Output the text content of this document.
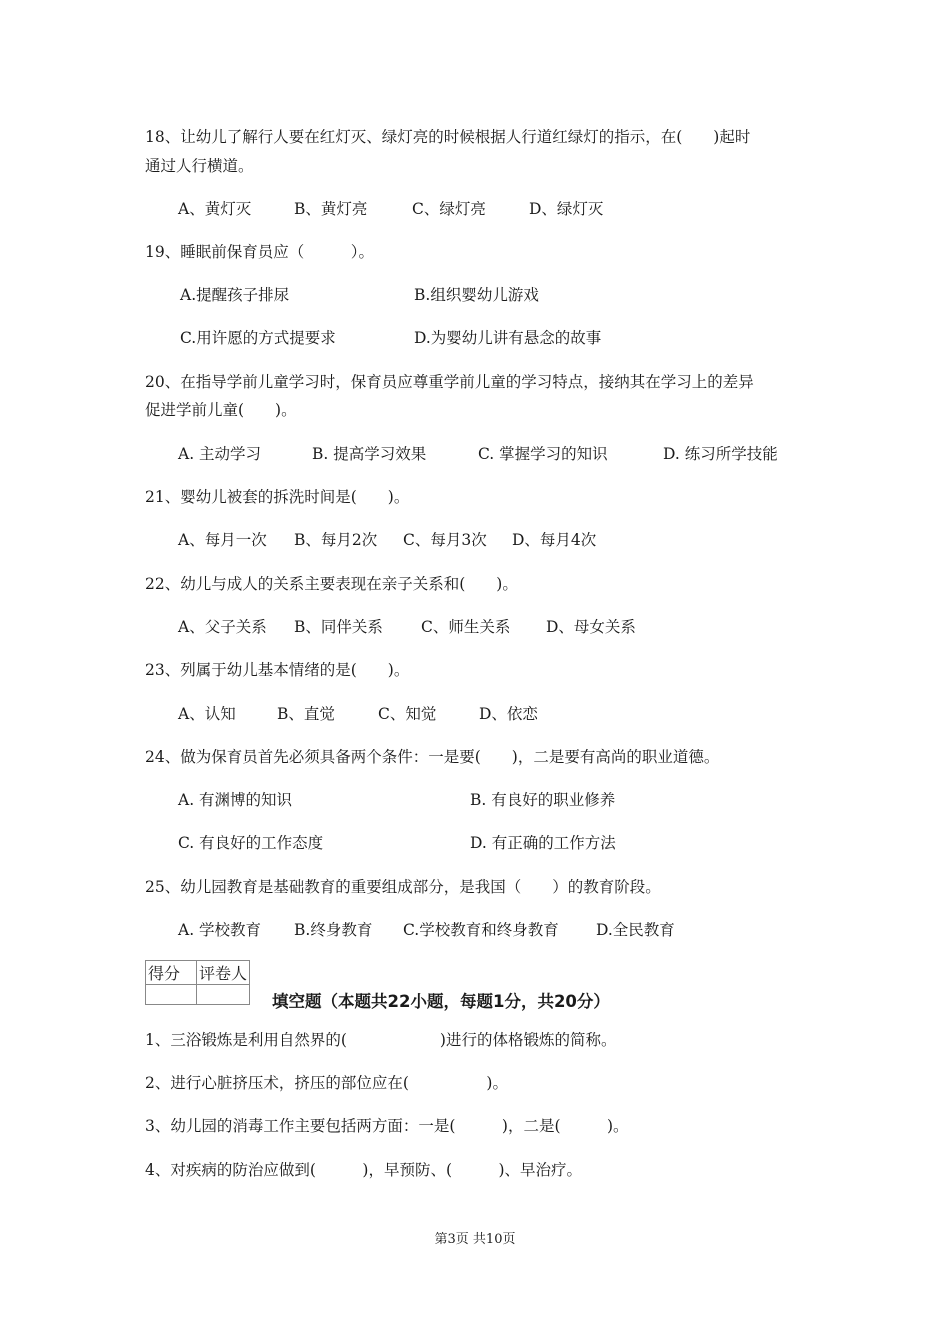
18、让幼儿了解行人要在红灯灭、绿灯亮的时候根据人行道红绿灯的指示，在(　　)起时
通过人行横道。
A、黄灯灭	B、黄灯亮	C、绿灯亮	D、绿灯灭
19、睡眠前保育员应（　　　）。
A.提醒孩子排尿	B.组织婴幼儿游戏
C.用许愿的方式提要求	D.为婴幼儿讲有悬念的故事
20、在指导学前儿童学习时，保育员应尊重学前儿童的学习特点，接纳其在学习上的差异
促进学前儿童(　　)。
A. 主动学习	B. 提高学习效果	C. 掌握学习的知识	D. 练习所学技能
21、婴幼儿被套的拆洗时间是(　　)。
A、每月一次 B、每月2次 C、每月3次 D、每月4次
22、幼儿与成人的关系主要表现在亲子关系和(　　)。
A、父子关系 B、同伴关系 C、师生关系 D、母女关系
23、列属于幼儿基本情绪的是(　　)。
A、认知	B、直觉	C、知觉	D、依恋
24、做为保育员首先必须具备两个条件：一是要(　　)，二是要有高尚的职业道德。
A. 有渊博的知识	B. 有良好的职业修养
C. 有良好的工作态度	D. 有正确的工作方法
25、幼儿园教育是基础教育的重要组成部分，是我国（　　）的教育阶段。
A. 学校教育 B.终身教育 C.学校教育和终身教育 D.全民教育
得分	评卷人

填空题（本题共22小题，每题1分，共20分）
1、三浴锻炼是利用自然界的(　　　　　　)进行的体格锻炼的简称。
2、进行心脏挤压术，挤压的部位应在(　　　　　)。
3、幼儿园的消毒工作主要包括两方面：一是(　　　)，二是(　　　)。
4、对疾病的防治应做到(　　　)，早预防、(　　　)、早治疗。
第3页 共10页
